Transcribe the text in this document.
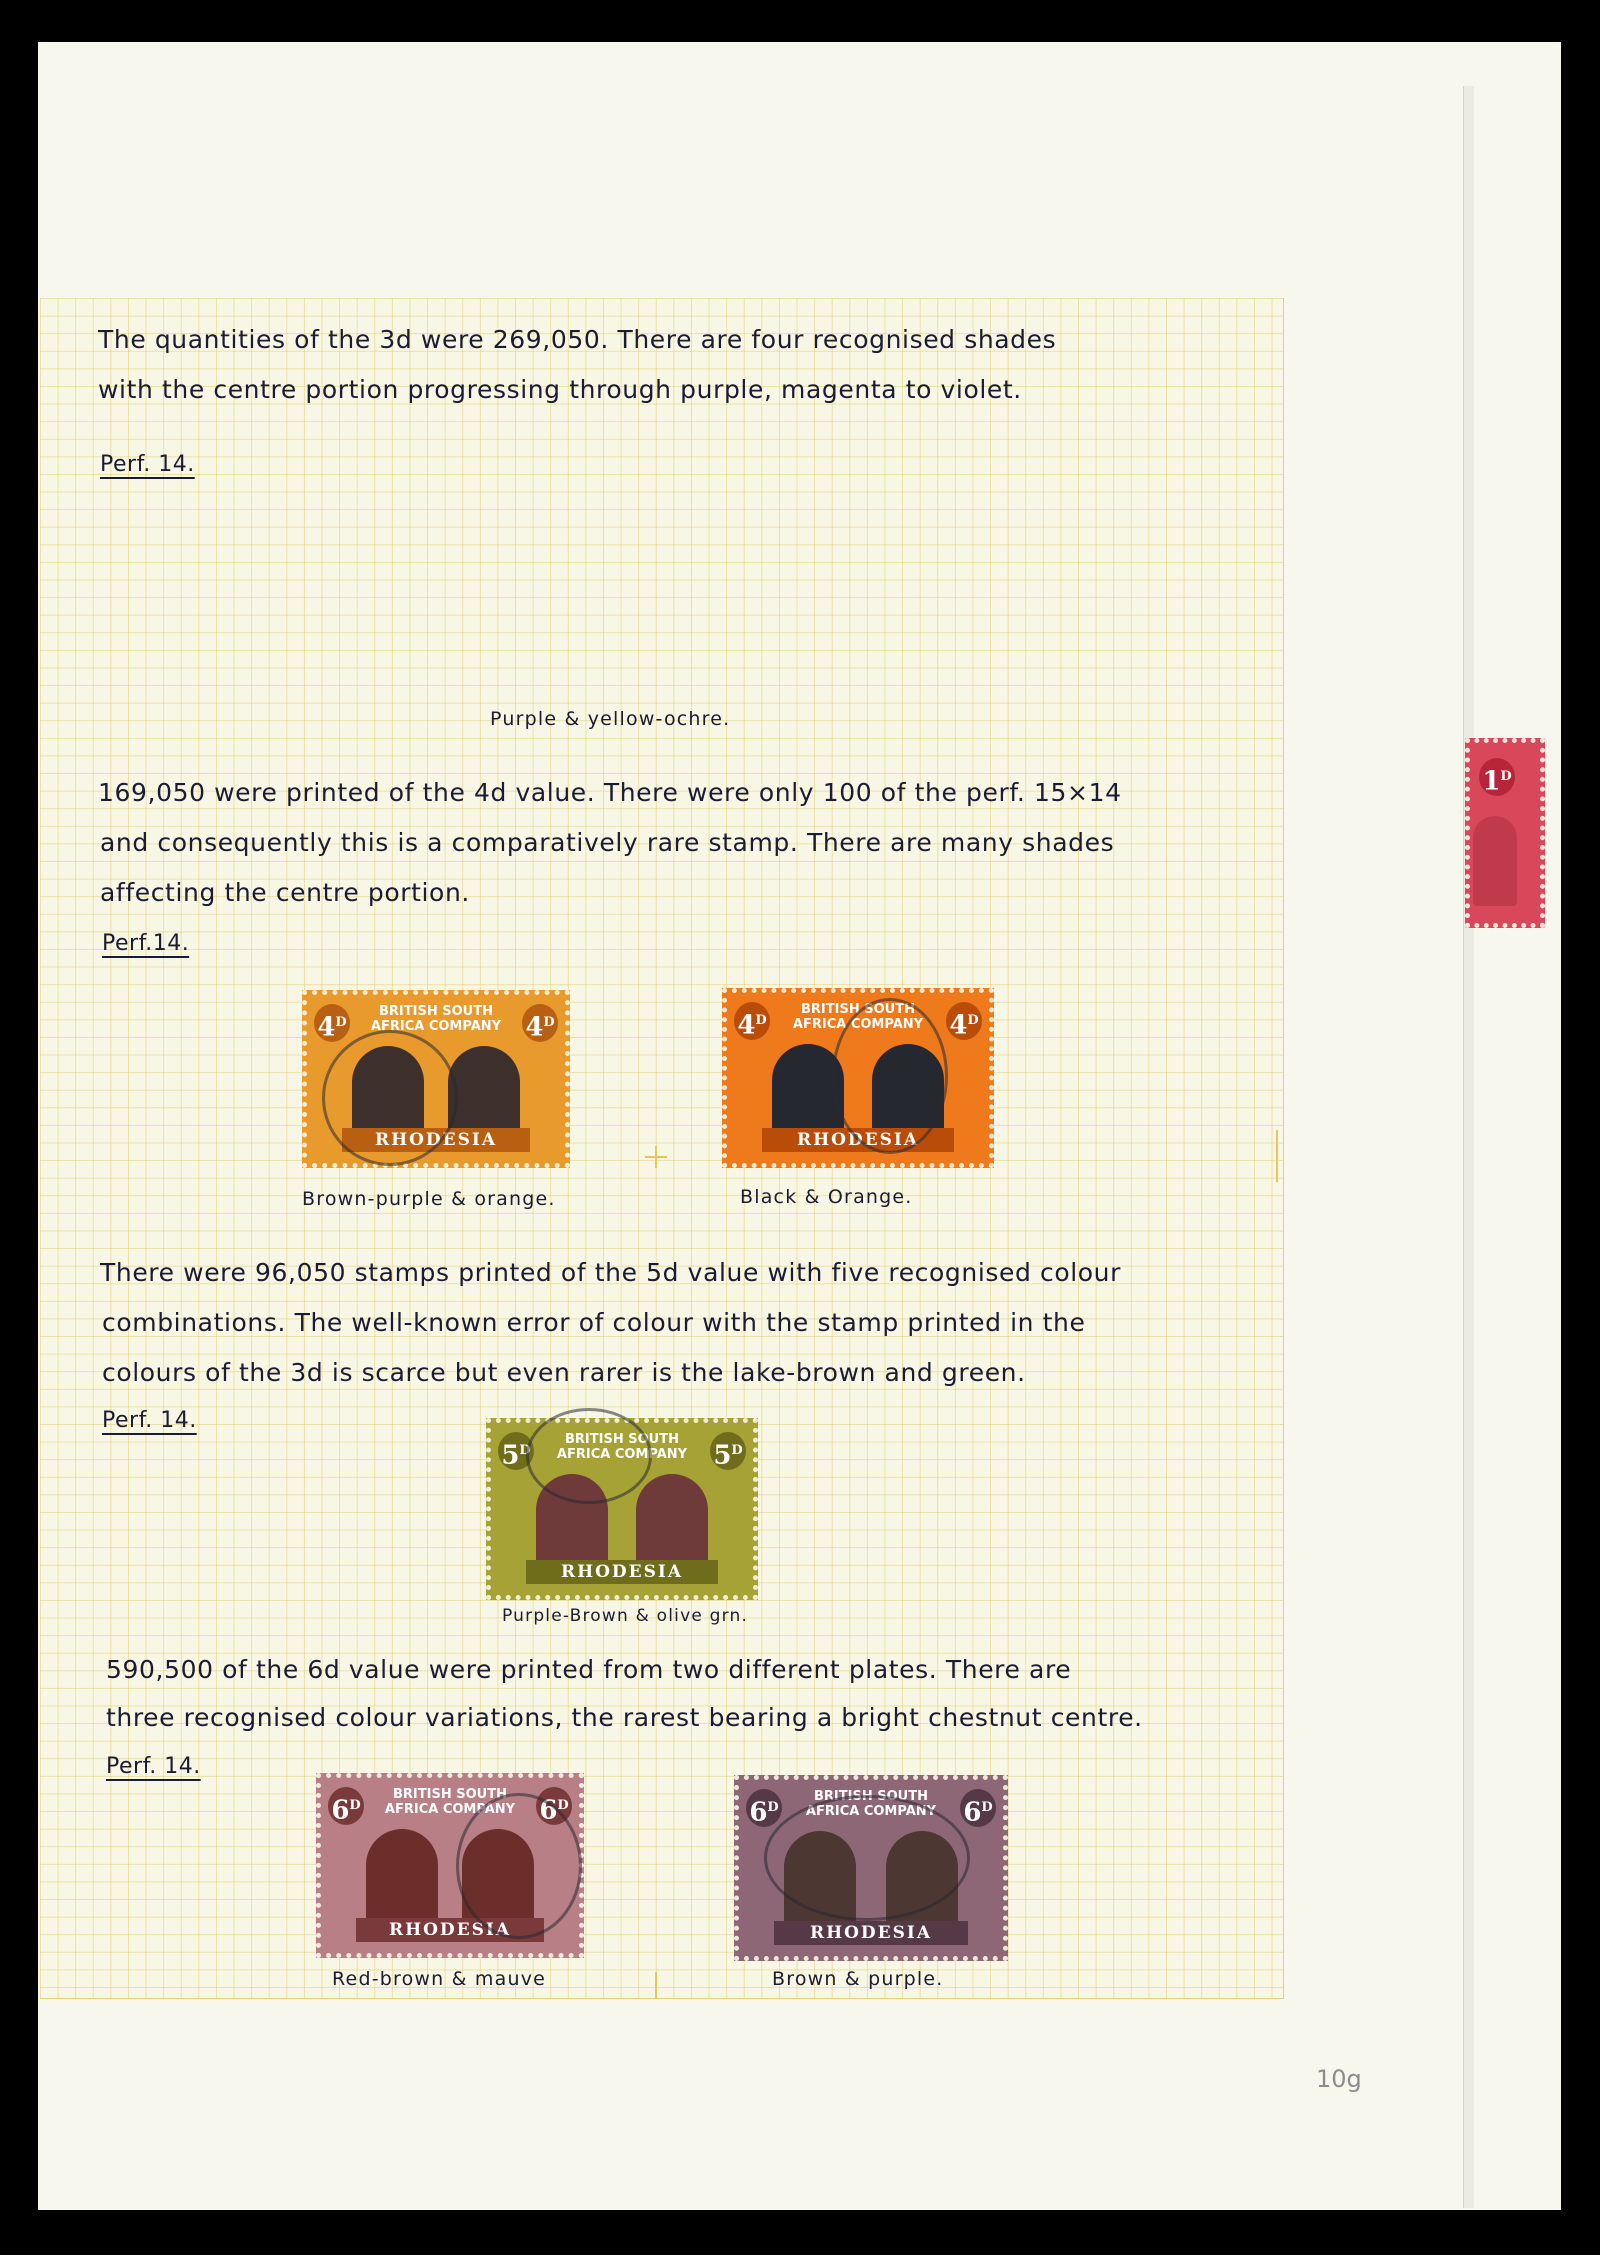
$1^D$
The quantities of the 3d were 269,050. There are four recognised shades
with the centre portion progressing through purple, magenta to violet.
Perf. 14.
Purple & yellow-ochre.
169,050 were printed of the 4d value. There were only 100 of the perf. 15×14
and consequently this is a comparatively rare stamp. There are many shades
affecting the centre portion.
Perf.14.
$4^D$	$4^D$
BRITISH SOUTH AFRICA COMPANY
RHODESIA
Brown-purple & orange.
$4^D$	$4^D$
BRITISH SOUTH AFRICA COMPANY
RHODESIA
Black & Orange.
There were 96,050 stamps printed of the 5d value with five recognised colour
combinations. The well-known error of colour with the stamp printed in the
colours of the 3d is scarce but even rarer is the lake-brown and green.
Perf. 14.
$5^D$	$5^D$
BRITISH SOUTH AFRICA COMPANY
RHODESIA
Purple-Brown & olive grn.
590,500 of the 6d value were printed from two different plates. There are
three recognised colour variations, the rarest bearing a bright chestnut centre.
Perf. 14.
$6^D$	$6^D$
BRITISH SOUTH AFRICA COMPANY
RHODESIA
Red-brown & mauve
$6^D$	$6^D$
BRITISH SOUTH AFRICA COMPANY
RHODESIA
Brown & purple.
10g
